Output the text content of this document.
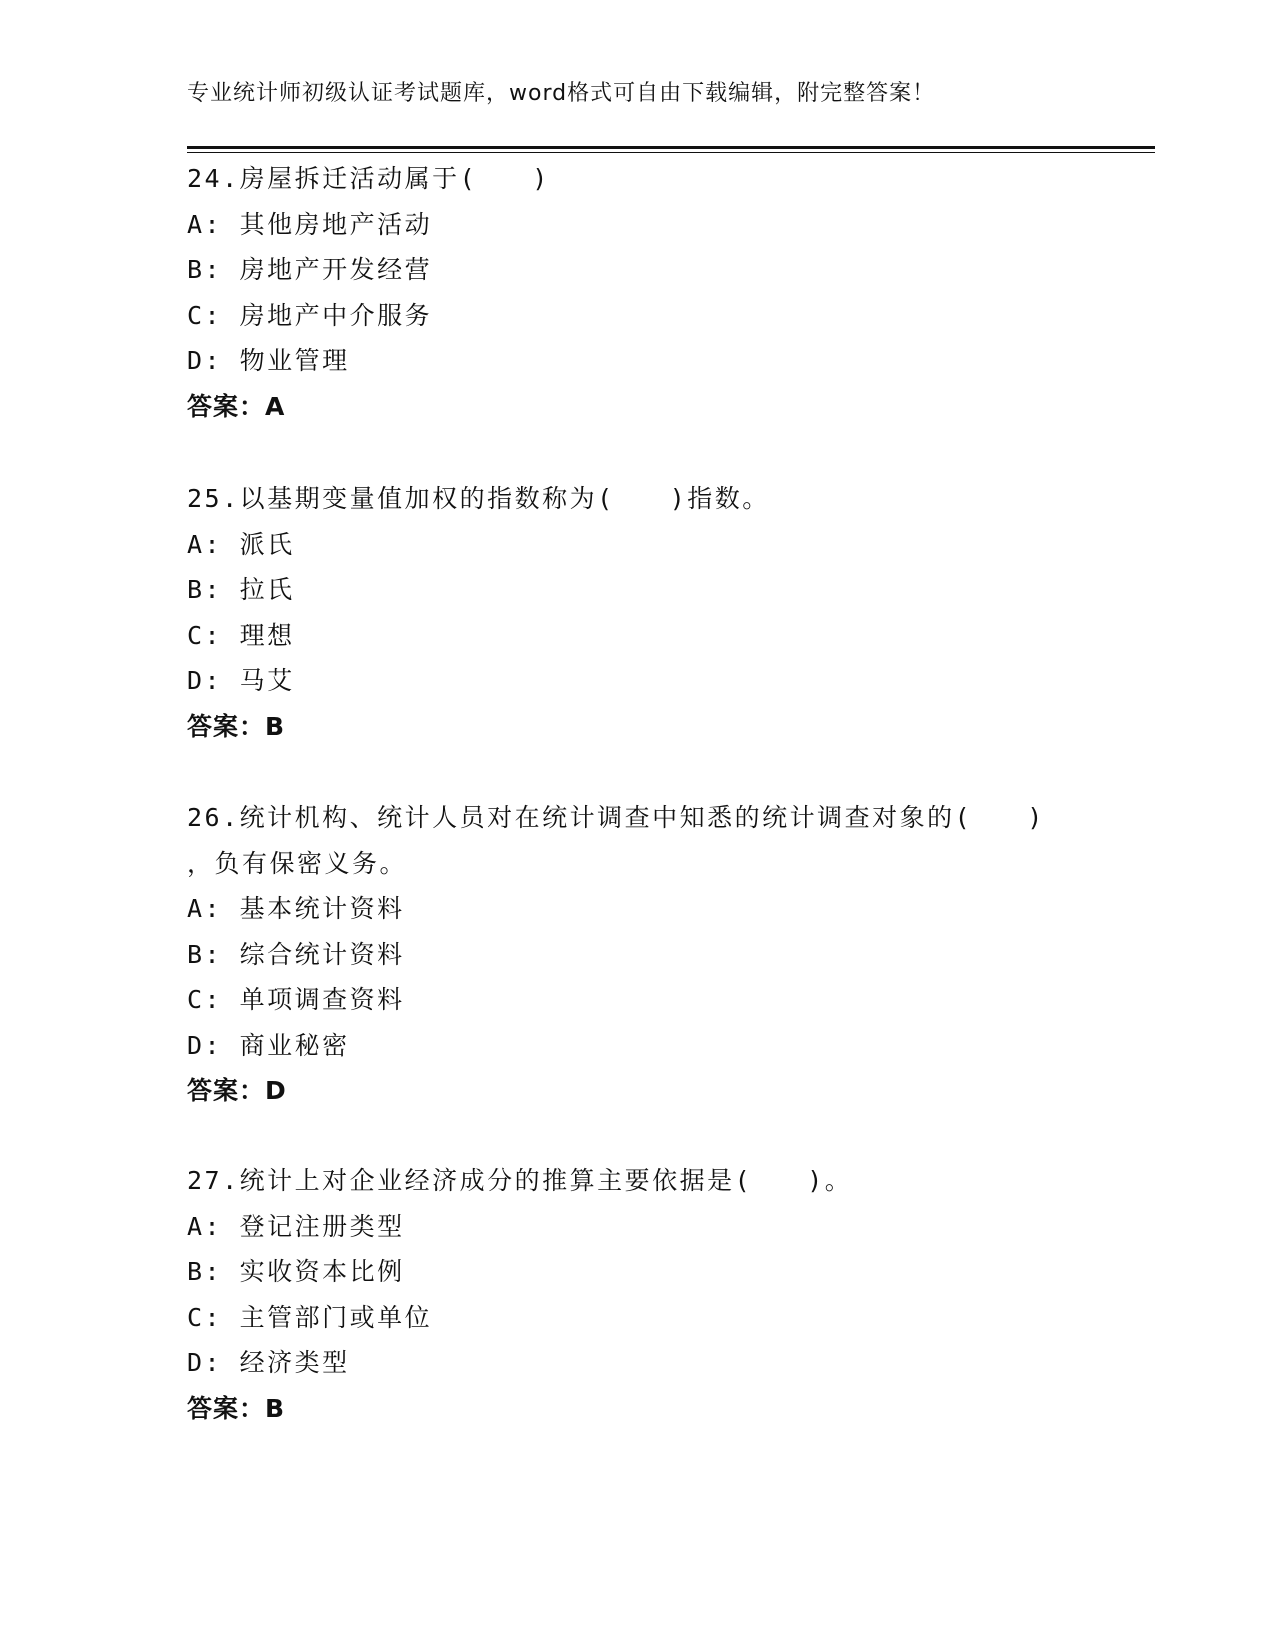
专业统计师初级认证考试题库，word格式可自由下载编辑，附完整答案！
24.房屋拆迁活动属于(　　)
A: 其他房地产活动
B: 房地产开发经营
C: 房地产中介服务
D: 物业管理
答案：A
25.以基期变量值加权的指数称为(　　)指数。
A: 派氏
B: 拉氏
C: 理想
D: 马艾
答案：B
26.统计机构、统计人员对在统计调查中知悉的统计调查对象的(　　)
，负有保密义务。
A: 基本统计资料
B: 综合统计资料
C: 单项调查资料
D: 商业秘密
答案：D
27.统计上对企业经济成分的推算主要依据是(　　)。
A: 登记注册类型
B: 实收资本比例
C: 主管部门或单位
D: 经济类型
答案：B
